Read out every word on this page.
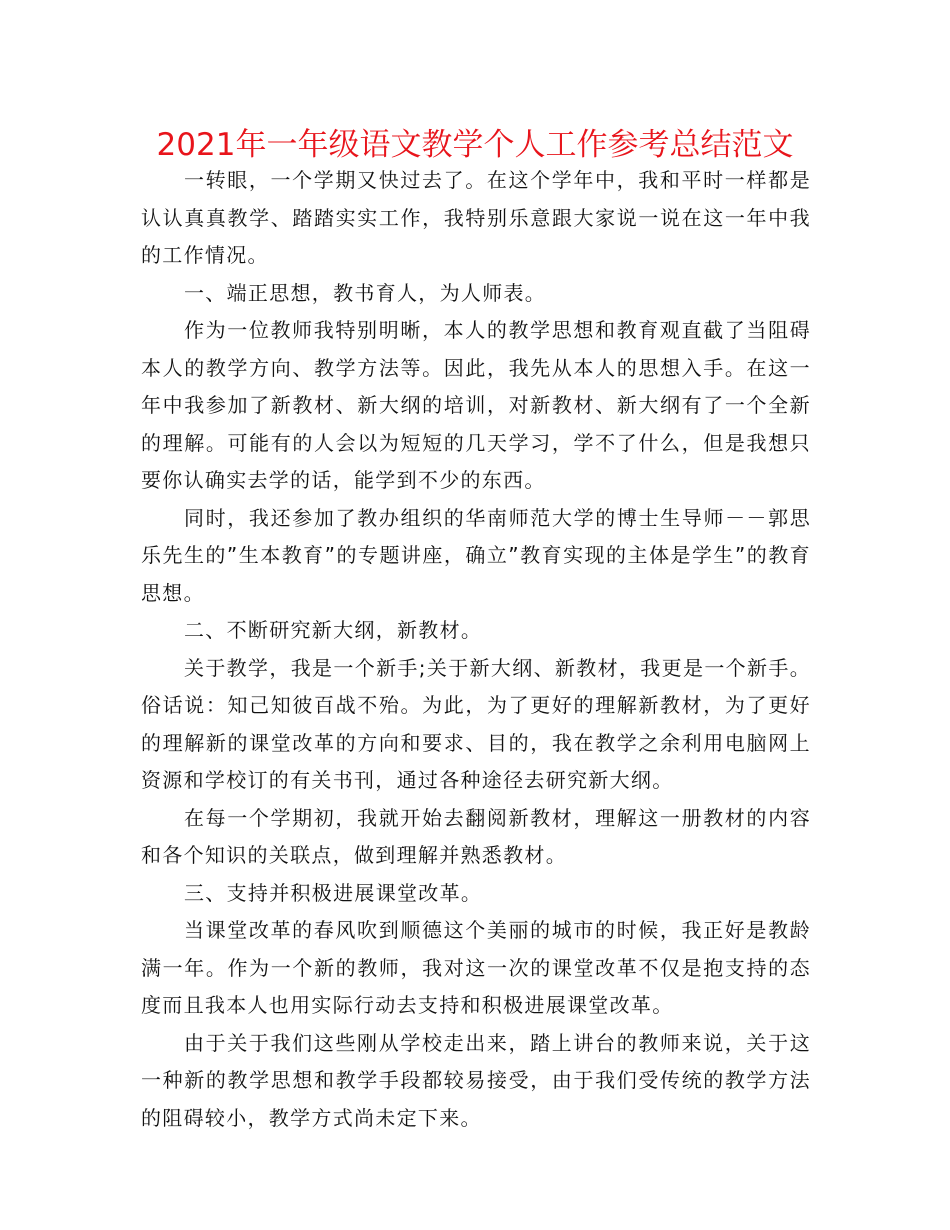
2021年一年级语文教学个人工作参考总结范文

一转眼，一个学期又快过去了。在这个学年中，我和平时一样都是认认真真教学、踏踏实实工作，我特别乐意跟大家说一说在这一年中我的工作情况。

一、端正思想，教书育人，为人师表。

作为一位教师我特别明晰，本人的教学思想和教育观直截了当阻碍本人的教学方向、教学方法等。因此，我先从本人的思想入手。在这一年中我参加了新教材、新大纲的培训，对新教材、新大纲有了一个全新的理解。可能有的人会以为短短的几天学习，学不了什么，但是我想只要你认确实去学的话，能学到不少的东西。

同时，我还参加了教办组织的华南师范大学的博士生导师－－郭思乐先生的”生本教育”的专题讲座，确立”教育实现的主体是学生”的教育思想。

二、不断研究新大纲，新教材。

关于教学，我是一个新手;关于新大纲、新教材，我更是一个新手。俗话说：知己知彼百战不殆。为此，为了更好的理解新教材，为了更好的理解新的课堂改革的方向和要求、目的，我在教学之余利用电脑网上资源和学校订的有关书刊，通过各种途径去研究新大纲。

在每一个学期初，我就开始去翻阅新教材，理解这一册教材的内容和各个知识的关联点，做到理解并熟悉教材。

三、支持并积极进展课堂改革。

当课堂改革的春风吹到顺德这个美丽的城市的时候，我正好是教龄满一年。作为一个新的教师，我对这一次的课堂改革不仅是抱支持的态度而且我本人也用实际行动去支持和积极进展课堂改革。

由于关于我们这些刚从学校走出来，踏上讲台的教师来说，关于这一种新的教学思想和教学手段都较易接受，由于我们受传统的教学方法的阻碍较小，教学方式尚未定下来。
